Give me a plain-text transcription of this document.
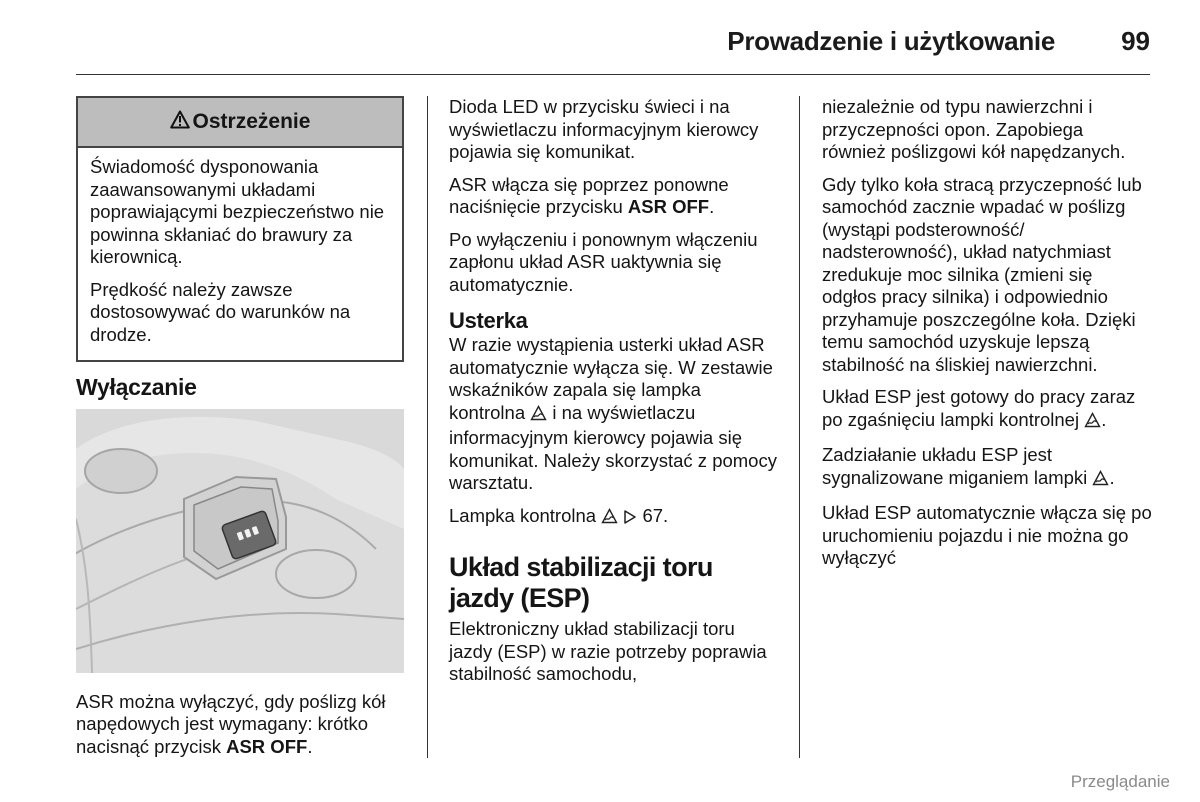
Prowadzenie i użytkowanie	99
Ostrzeżenie

Świadomość dysponowania zaawansowanymi układami poprawiającymi bezpieczeństwo nie powinna skłaniać do brawury za kierownicą.

Prędkość należy zawsze dostosowywać do warunków na drodze.

Wyłączanie

ASR można wyłączyć, gdy poślizg kół napędowych jest wymagany: krótko nacisnąć przycisk ASR OFF.

Dioda LED w przycisku świeci i na wyświetlaczu informacyjnym kierowcy pojawia się komunikat.

ASR włącza się poprzez ponowne naciśnięcie przycisku ASR OFF.

Po wyłączeniu i ponownym włączeniu zapłonu układ ASR uaktywnia się automatycznie.

Usterka

W razie wystąpienia usterki układ ASR automatycznie wyłącza się. W zestawie wskaźników zapala się lampka kontrolna  i na wyświetlaczu informacyjnym kierowcy pojawia się komunikat. Należy skorzystać z pomocy warsztatu.

Lampka kontrolna   67.

Układ stabilizacji toru jazdy (ESP)

Elektroniczny układ stabilizacji toru jazdy (ESP) w razie potrzeby poprawia stabilność samochodu,

niezależnie od typu nawierzchni i przyczepności opon. Zapobiega również poślizgowi kół napędzanych.

Gdy tylko koła stracą przyczepność lub samochód zacznie wpadać w poślizg (wystąpi podsterowność/ nadsterowność), układ natychmiast zredukuje moc silnika (zmieni się odgłos pracy silnika) i odpowiednio przyhamuje poszczególne koła. Dzięki temu samochód uzyskuje lepszą stabilność na śliskiej nawierzchni.

Układ ESP jest gotowy do pracy zaraz po zgaśnięciu lampki kontrolnej .

Zadziałanie układu ESP jest sygnalizowane miganiem lampki .

Układ ESP automatycznie włącza się po uruchomieniu pojazdu i nie można go wyłączyć

Przeglądanie
